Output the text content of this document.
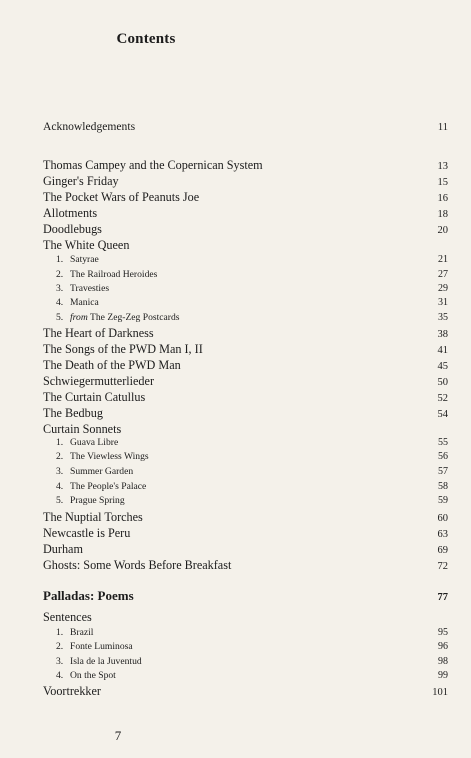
Contents
Acknowledgements	11
Thomas Campey and the Copernican System	13
Ginger's Friday	15
The Pocket Wars of Peanuts Joe	16
Allotments	18
Doodlebugs	20
The White Queen
1. Satyrae	21
2. The Railroad Heroides	27
3. Travesties	29
4. Manica	31
5. from The Zeg-Zeg Postcards	35
The Heart of Darkness	38
The Songs of the PWD Man I, II	41
The Death of the PWD Man	45
Schwiegermutterlieder	50
The Curtain Catullus	52
The Bedbug	54
Curtain Sonnets
1. Guava Libre	55
2. The Viewless Wings	56
3. Summer Garden	57
4. The People's Palace	58
5. Prague Spring	59
The Nuptial Torches	60
Newcastle is Peru	63
Durham	69
Ghosts: Some Words Before Breakfast	72
Palladas: Poems	77
Sentences
1. Brazil	95
2. Fonte Luminosa	96
3. Isla de la Juventud	98
4. On the Spot	99
Voortrekker	101
7
